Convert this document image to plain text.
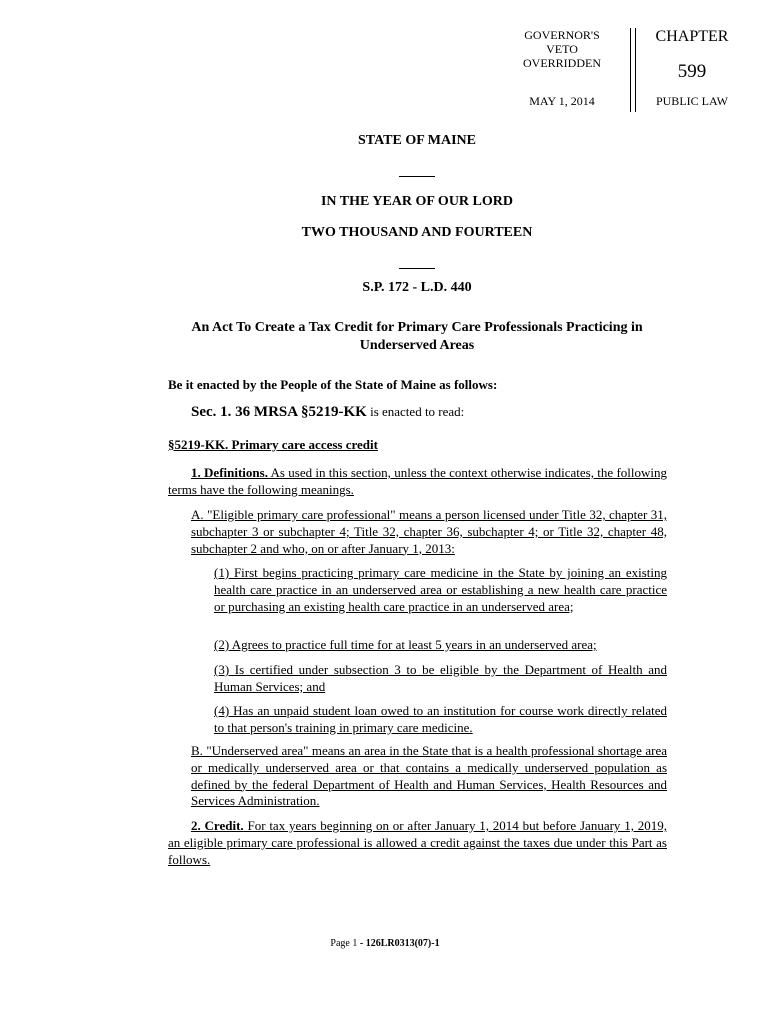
GOVERNOR'S
VETO
OVERRIDDEN
MAY 1, 2014
CHAPTER
599
PUBLIC LAW
STATE OF MAINE
IN THE YEAR OF OUR LORD
TWO THOUSAND AND FOURTEEN
S.P. 172 - L.D. 440
An Act To Create a Tax Credit for Primary Care Professionals Practicing in
Underserved Areas
Be it enacted by the People of the State of Maine as follows:
Sec. 1. 36 MRSA §5219-KK is enacted to read:
§5219-KK. Primary care access credit
1. Definitions. As used in this section, unless the context otherwise indicates, the following terms have the following meanings.
A. "Eligible primary care professional" means a person licensed under Title 32, chapter 31, subchapter 3 or subchapter 4; Title 32, chapter 36, subchapter 4; or Title 32, chapter 48, subchapter 2 and who, on or after January 1, 2013:
(1) First begins practicing primary care medicine in the State by joining an existing health care practice in an underserved area or establishing a new health care practice or purchasing an existing health care practice in an underserved area;
(2) Agrees to practice full time for at least 5 years in an underserved area;
(3) Is certified under subsection 3 to be eligible by the Department of Health and Human Services; and
(4) Has an unpaid student loan owed to an institution for course work directly related to that person's training in primary care medicine.
B. "Underserved area" means an area in the State that is a health professional shortage area or medically underserved area or that contains a medically underserved population as defined by the federal Department of Health and Human Services, Health Resources and Services Administration.
2. Credit. For tax years beginning on or after January 1, 2014 but before January 1, 2019, an eligible primary care professional is allowed a credit against the taxes due under this Part as follows.
Page 1 - 126LR0313(07)-1
